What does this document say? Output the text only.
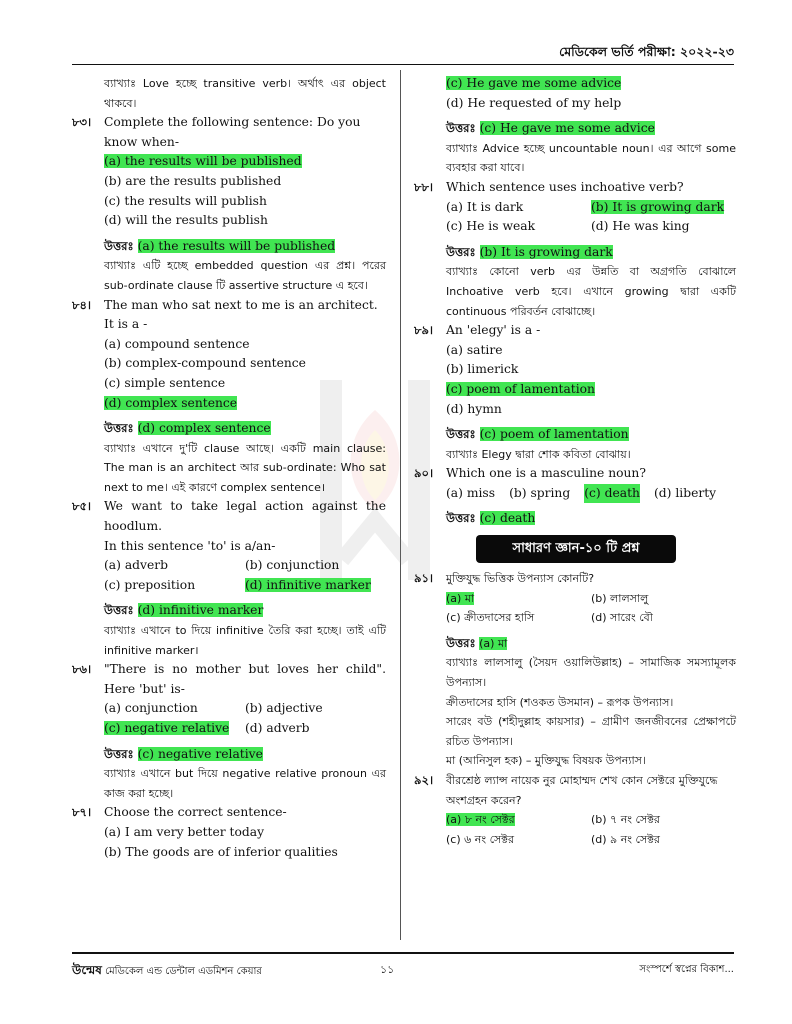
মেডিকেল ভর্তি পরীক্ষা: ২০২২-২৩
ব্যাখ্যাঃ Love হচ্ছে transitive verb। অর্থাৎ এর object থাকবে।
৮৩।	Complete the following sentence: Do you know when-
(a) the results will be published
(b) are the results published
(c) the results will publish
(d) will the results publish
উত্তরঃ (a) the results will be published
ব্যাখ্যাঃ এটি হচ্ছে embedded question এর প্রশ্ন। পরের sub-ordinate clause টি assertive structure এ হবে।
৮৪।	The man who sat next to me is an architect. It is a -
(a) compound sentence
(b) complex-compound sentence
(c) simple sentence
(d) complex sentence
উত্তরঃ (d) complex sentence
ব্যাখ্যাঃ এখানে দু'টি clause আছে। একটি main clause: The man is an architect আর sub-ordinate: Who sat next to me। এই কারণে complex sentence।
৮৫।	We want to take legal action against the hoodlum.
In this sentence 'to' is a/an-
(a) adverb	(b) conjunction
(c) preposition	(d) infinitive marker
উত্তরঃ (d) infinitive marker
ব্যাখ্যাঃ এখানে to দিয়ে infinitive তৈরি করা হচ্ছে। তাই এটি infinitive marker।
৮৬।	"There is no mother but loves her child". Here 'but' is-
(a) conjunction	(b) adjective
(c) negative relative	(d) adverb
উত্তরঃ (c) negative relative
ব্যাখ্যাঃ এখানে but দিয়ে negative relative pronoun এর কাজ করা হচ্ছে।
৮৭।	Choose the correct sentence-
(a) I am very better today
(b) The goods are of inferior qualities
(c) He gave me some advice
(d) He requested of my help
উত্তরঃ (c) He gave me some advice
ব্যাখ্যাঃ Advice হচ্ছে uncountable noun। এর আগে some ব্যবহার করা যাবে।
৮৮।	Which sentence uses inchoative verb?
(a) It is dark	(b) It is growing dark
(c) He is weak	(d) He was king
উত্তরঃ (b) It is growing dark
ব্যাখ্যাঃ কোনো verb এর উন্নতি বা অগ্রগতি বোঝালে Inchoative verb হবে। এখানে growing দ্বারা একটি continuous পরিবর্তন বোঝাচ্ছে।
৮৯।	An 'elegy' is a -
(a) satire
(b) limerick
(c) poem of lamentation
(d) hymn
উত্তরঃ (c) poem of lamentation
ব্যাখ্যাঃ Elegy দ্বারা শোক কবিতা বোঝায়।
৯০।	Which one is a masculine noun?
(a) miss (b) spring (c) death (d) liberty
উত্তরঃ (c) death
সাধারণ জ্ঞান-১০ টি প্রশ্ন
৯১।	মুক্তিযুদ্ধ ভিত্তিক উপন্যাস কোনটি?
(a) মা	(b) লালসালু
(c) ক্রীতদাসের হাসি	(d) সারেং বৌ
উত্তরঃ (a) মা
ব্যাখ্যাঃ লালসালু (সৈয়দ ওয়ালিউল্লাহ) – সামাজিক সমস্যামূলক উপন্যাস।
ক্রীতদাসের হাসি (শওকত উসমান) – রূপক উপন্যাস।
সারেং বউ (শহীদুল্লাহ কায়সার) – গ্রামীণ জনজীবনের প্রেক্ষাপটে রচিত উপন্যাস।
মা (আনিসুল হক) – মুক্তিযুদ্ধ বিষয়ক উপন্যাস।
৯২।	বীরশ্রেষ্ঠ ল্যান্স নায়েক নুর মোহাম্মদ শেখ কোন সেক্টরে মুক্তিযুদ্ধে অংশগ্রহন করেন?
(a) ৮ নং সেক্টর	(b) ৭ নং সেক্টর
(c) ৬ নং সেক্টর	(d) ৯ নং সেক্টর
উন্মেষ মেডিকেল এন্ড ডেন্টাল এডমিশন কেয়ার	১১	সংস্পর্শে স্বপ্নের বিকাশ...
